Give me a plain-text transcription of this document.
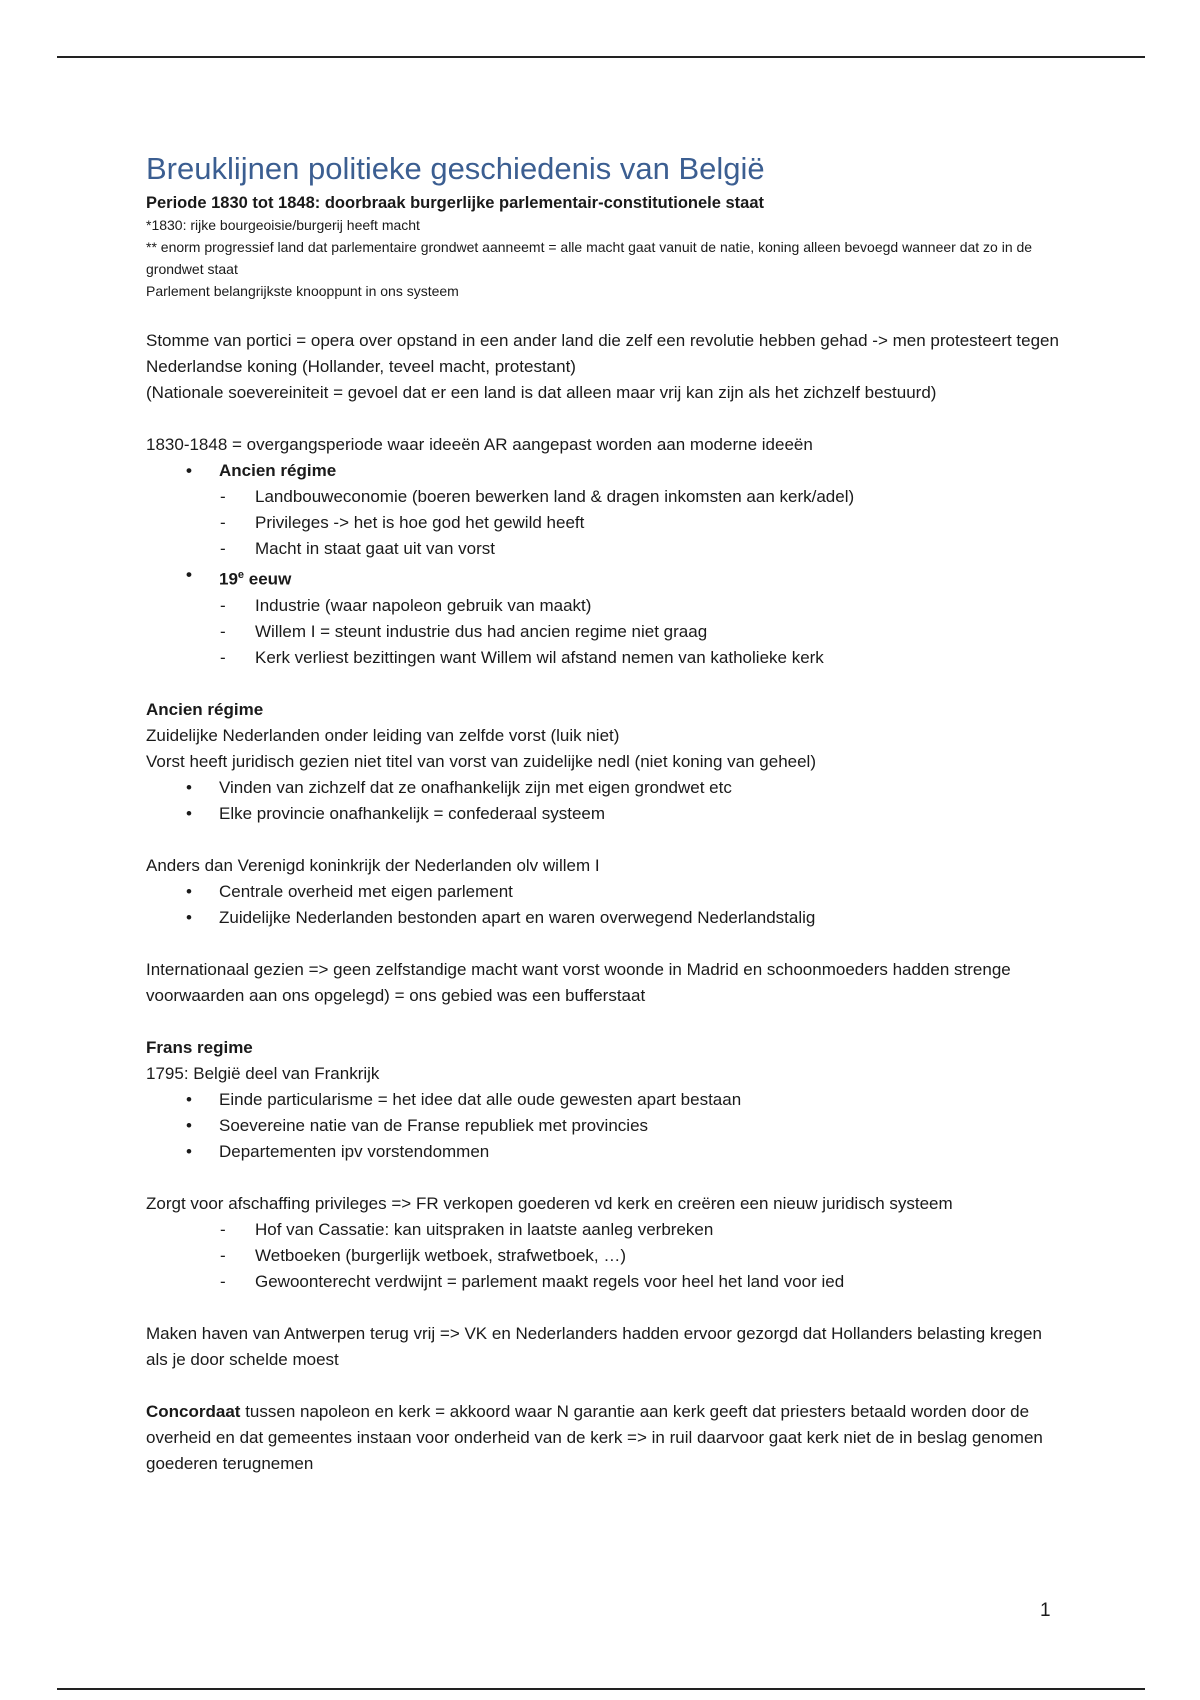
Breuklijnen politieke geschiedenis van België
Periode 1830 tot 1848: doorbraak burgerlijke parlementair-constitutionele staat
*1830: rijke bourgeoisie/burgerij heeft macht
** enorm progressief land dat parlementaire grondwet aanneemt = alle macht gaat vanuit de natie, koning alleen bevoegd wanneer dat zo in de grondwet staat
Parlement belangrijkste knooppunt in ons systeem

Stomme van portici = opera over opstand in een ander land die zelf een revolutie hebben gehad -> men protesteert tegen Nederlandse koning (Hollander, teveel macht, protestant)

(Nationale soevereiniteit = gevoel dat er een land is dat alleen maar vrij kan zijn als het zichzelf bestuurd)

1830-1848 = overgangsperiode waar ideeën AR aangepast worden aan moderne ideeën

• Ancien régime
- Landbouweconomie (boeren bewerken land & dragen inkomsten aan kerk/adel)
- Privileges -> het is hoe god het gewild heeft
- Macht in staat gaat uit van vorst
• 19e eeuw
- Industrie (waar napoleon gebruik van maakt)
- Willem I = steunt industrie dus had ancien regime niet graag
- Kerk verliest bezittingen want Willem wil afstand nemen van katholieke kerk

Ancien régime

Zuidelijke Nederlanden onder leiding van zelfde vorst (luik niet)

Vorst heeft juridisch gezien niet titel van vorst van zuidelijke nedl (niet koning van geheel)

• Vinden van zichzelf dat ze onafhankelijk zijn met eigen grondwet etc
• Elke provincie onafhankelijk = confederaal systeem

Anders dan Verenigd koninkrijk der Nederlanden olv willem I

• Centrale overheid met eigen parlement
• Zuidelijke Nederlanden bestonden apart en waren overwegend Nederlandstalig

Internationaal gezien => geen zelfstandige macht want vorst woonde in Madrid en schoonmoeders hadden strenge voorwaarden aan ons opgelegd) = ons gebied was een bufferstaat

Frans regime

1795: België deel van Frankrijk

• Einde particularisme = het idee dat alle oude gewesten apart bestaan
• Soevereine natie van de Franse republiek met provincies
• Departementen ipv vorstendommen

Zorgt voor afschaffing privileges => FR verkopen goederen vd kerk en creëren een nieuw juridisch systeem

- Hof van Cassatie: kan uitspraken in laatste aanleg verbreken
- Wetboeken (burgerlijk wetboek, strafwetboek, …)
- Gewoonterecht verdwijnt = parlement maakt regels voor heel het land voor ied

Maken haven van Antwerpen terug vrij => VK en Nederlanders hadden ervoor gezorgd dat Hollanders belasting kregen als je door schelde moest

Concordaat tussen napoleon en kerk = akkoord waar N garantie aan kerk geeft dat priesters betaald worden door de overheid en dat gemeentes instaan voor onderheid van de kerk => in ruil daarvoor gaat kerk niet de in beslag genomen goederen terugnemen

1
